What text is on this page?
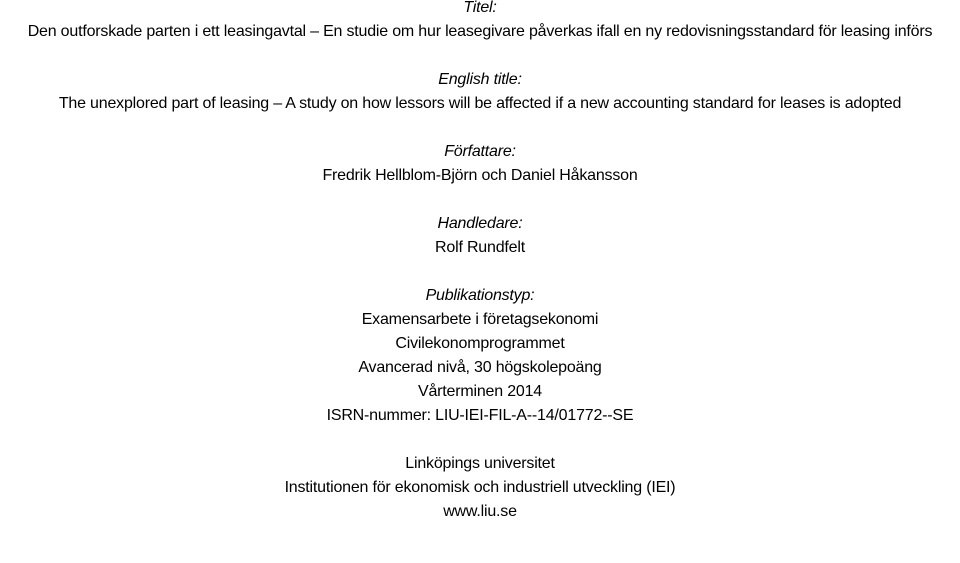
Titel:
Den outforskade parten i ett leasingavtal – En studie om hur leasegivare påverkas ifall en ny redovisningsstandard för leasing införs
English title:
The unexplored part of leasing – A study on how lessors will be affected if a new accounting standard for leases is adopted
Författare:
Fredrik Hellblom-Björn och Daniel Håkansson
Handledare:
Rolf Rundfelt
Publikationstyp:
Examensarbete i företagsekonomi
Civilekonomprogrammet
Avancerad nivå, 30 högskolepoäng
Vårterminen 2014
ISRN-nummer: LIU-IEI-FIL-A--14/01772--SE
Linköpings universitet
Institutionen för ekonomisk och industriell utveckling (IEI)
www.liu.se
